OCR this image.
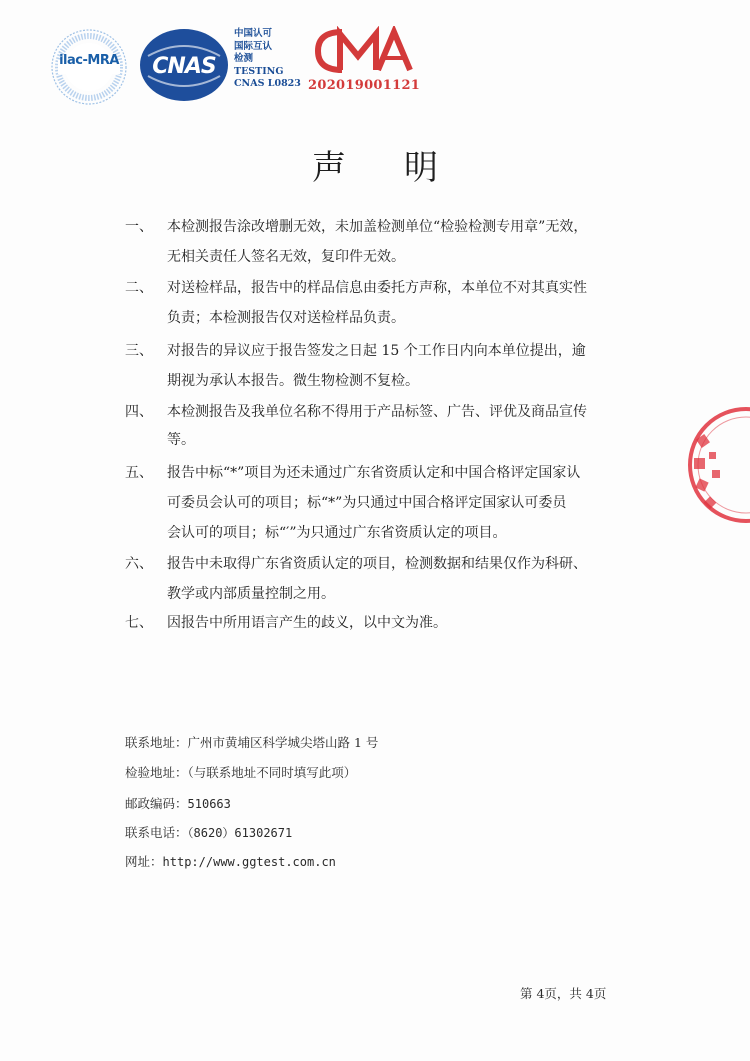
ilac-MRA	CNAS
中国认可
国际互认
检测
TESTING
CNAS L0823
CMA
202019001121
声明
一、	本检测报告涂改增删无效，未加盖检测单位“检验检测专用章”无效，
无相关责任人签名无效，复印件无效。
二、	对送检样品，报告中的样品信息由委托方声称，本单位不对其真实性
负责；本检测报告仅对送检样品负责。
三、	对报告的异议应于报告签发之日起 15 个工作日内向本单位提出，逾
期视为承认本报告。微生物检测不复检。
四、	本检测报告及我单位名称不得用于产品标签、广告、评优及商品宣传
等。
五、	报告中标“*”项目为还未通过广东省资质认定和中国合格评定国家认
可委员会认可的项目；标“*”为只通过中国合格评定国家认可委员
会认可的项目；标“′”为只通过广东省资质认定的项目。
六、	报告中未取得广东省资质认定的项目，检测数据和结果仅作为科研、
教学或内部质量控制之用。
七、	因报告中所用语言产生的歧义，以中文为准。
联系地址：广州市黄埔区科学城尖塔山路 1 号
检验地址：（与联系地址不同时填写此项）
邮政编码：510663
联系电话：（8620）61302671
网址：http://www.ggtest.com.cn
第 4页，共 4页
